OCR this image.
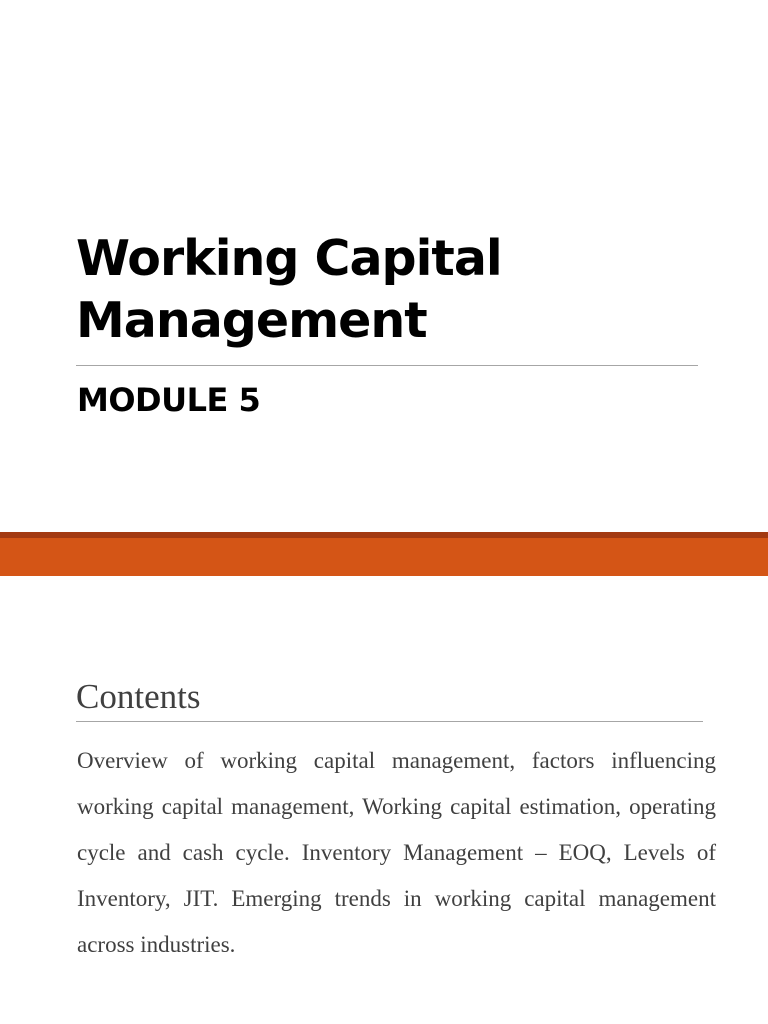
Working Capital
Management
MODULE 5
Contents

Overview of working capital management, factors influencing working capital management, Working capital estimation, operating cycle and cash cycle. Inventory Management – EOQ, Levels of Inventory, JIT. Emerging trends in working capital management across industries.
